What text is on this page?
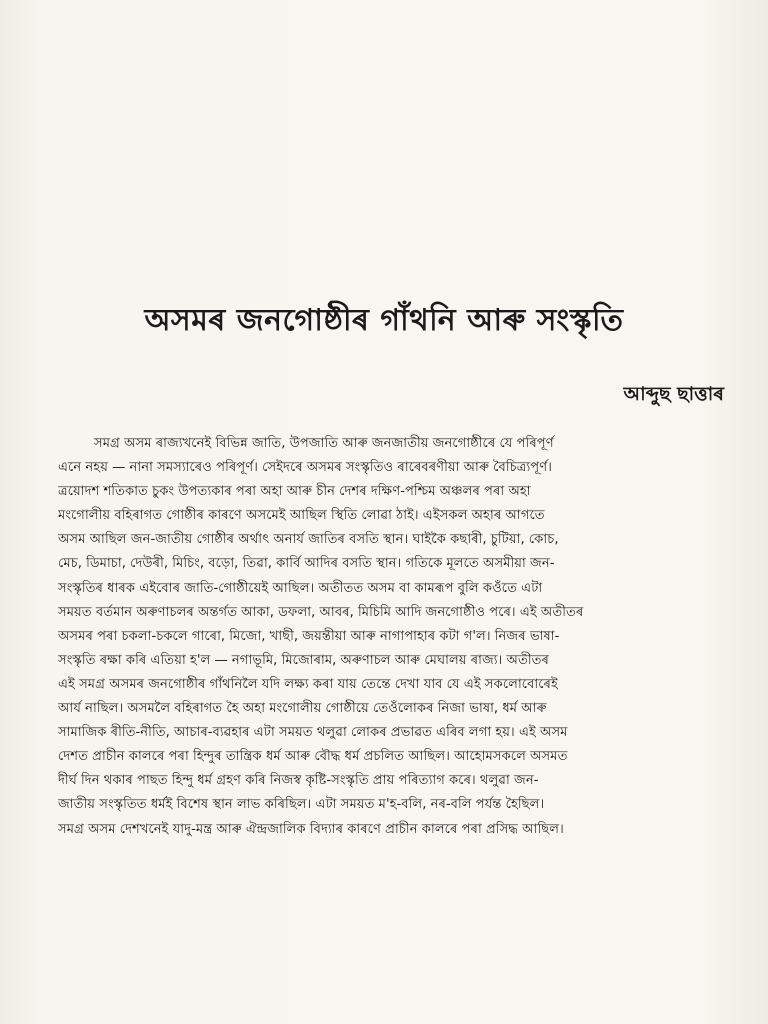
অসমৰ জনগোষ্ঠীৰ গাঁথনি আৰু সংস্কৃতি
আব্দুছ ছাত্তাৰ
সমগ্ৰ অসম ৰাজ্যখনেই বিভিন্ন জাতি, উপজাতি আৰু জনজাতীয় জনগোষ্ঠীৰে যে পৰিপূৰ্ণ
এনে নহয় — নানা সমস্যাৰেও পৰিপূৰ্ণ। সেইদৰে অসমৰ সংস্কৃতিও ৰাৰেবৰণীয়া আৰু বৈচিত্ৰ্যপূৰ্ণ।
ত্ৰয়োদশ শতিকাত চুকং উপত্যকাৰ পৰা অহা আৰু চীন দেশৰ দক্ষিণ-পশ্চিম অঞ্চলৰ পৰা অহা
মংগোলীয় বহিৰাগত গোষ্ঠীৰ কাৰণে অসমেই আছিল স্থিতি লোৱা ঠাই। এইসকল অহাৰ আগতে
অসম আছিল জন-জাতীয় গোষ্ঠীৰ অৰ্থাৎ অনাৰ্য জাতিৰ বসতি স্থান। ঘাইকৈ কছাৰী, চুটিয়া, কোচ,
মেচ, ডিমাচা, দেউৰী, মিচিং, বড়ো, তিৱা, কাৰ্বি আদিৰ বসতি স্থান। গতিকে মূলতে অসমীয়া জন-
সংস্কৃতিৰ ধাৰক এইবোৰ জাতি-গোষ্ঠীয়েই আছিল। অতীতত অসম বা কামৰূপ বুলি কওঁতে এটা
সময়ত বৰ্তমান অৰুণাচলৰ অন্তৰ্গত আকা, ডফলা, আবৰ, মিচিমি আদি জনগোষ্ঠীও পৰে। এই অতীতৰ
অসমৰ পৰা চকলা-চকলে গাৰো, মিজো, খাছী, জয়ন্তীয়া আৰু নাগাপাহাৰ কটা গ'ল। নিজৰ ভাষা-
সংস্কৃতি ৰক্ষা কৰি এতিয়া হ'ল — নগাভূমি, মিজোৰাম, অৰুণাচল আৰু মেঘালয় ৰাজ্য। অতীতৰ
এই সমগ্ৰ অসমৰ জনগোষ্ঠীৰ গাঁথনিলৈ যদি লক্ষ্য কৰা যায় তেন্তে দেখা যাব যে এই সকলোবোৰেই
আৰ্য নাছিল। অসমলৈ বহিৰাগত হৈ অহা মংগোলীয় গোষ্ঠীয়ে তেওঁলোকৰ নিজা ভাষা, ধৰ্ম আৰু
সামাজিক ৰীতি-নীতি, আচাৰ-ব্যৱহাৰ এটা সময়ত থলুৱা লোকৰ প্ৰভাৱত এৰিব লগা হয়। এই অসম
দেশত প্ৰাচীন কালৰে পৰা হিন্দুৰ তান্ত্ৰিক ধৰ্ম আৰু বৌদ্ধ ধৰ্ম প্ৰচলিত আছিল। আহোমসকলে অসমত
দীৰ্ঘ দিন থকাৰ পাছত হিন্দু ধৰ্ম গ্ৰহণ কৰি নিজস্ব কৃষ্টি-সংস্কৃতি প্ৰায় পৰিত্যাগ কৰে। থলুৱা জন-
জাতীয় সংস্কৃতিত ধৰ্মই বিশেষ স্থান লাভ কৰিছিল। এটা সময়ত ম'হ-বলি, নৰ-বলি পৰ্যন্ত হৈছিল।
সমগ্ৰ অসম দেশখনেই যাদু-মন্ত্ৰ আৰু ঐন্দ্ৰজালিক বিদ্যাৰ কাৰণে প্ৰাচীন কালৰে পৰা প্ৰসিদ্ধ আছিল।
